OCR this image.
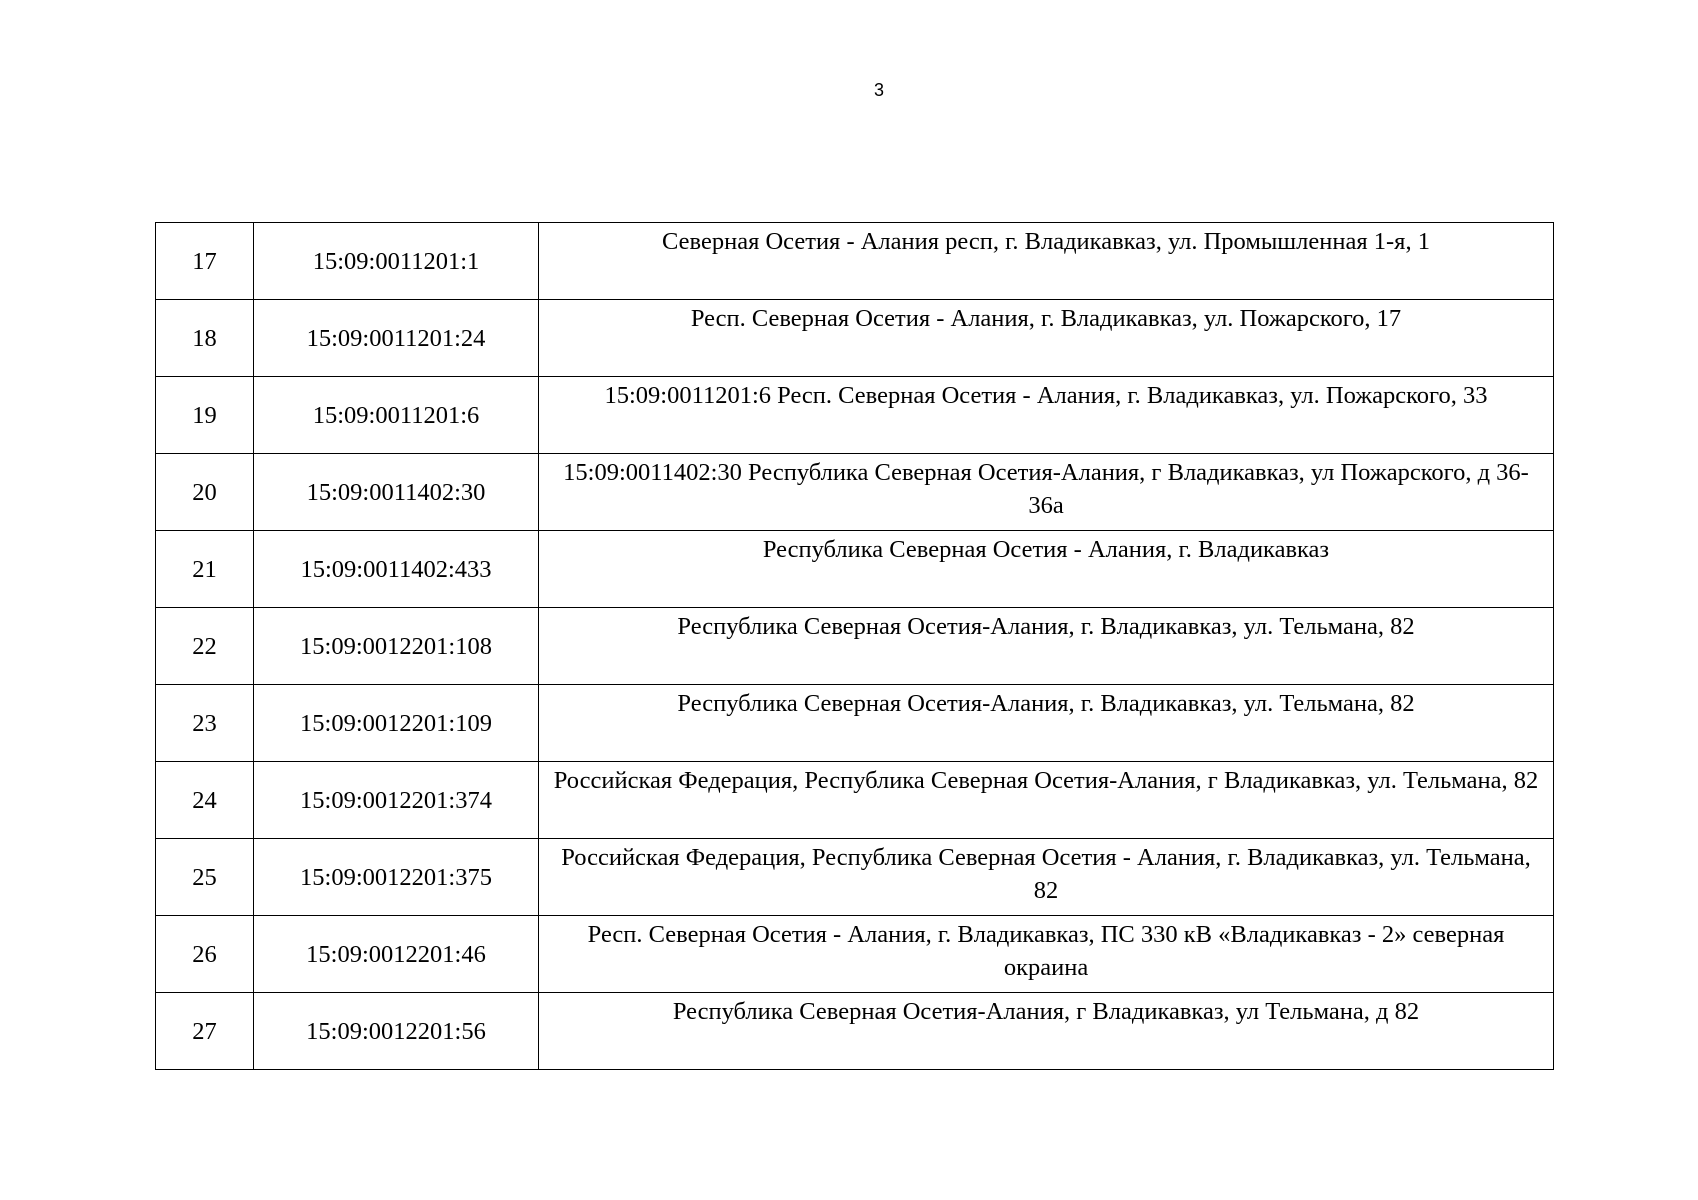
3
17	15:09:0011201:1	Северная Осетия - Алания респ, г. Владикавказ, ул. Промышленная 1-я, 1
18	15:09:0011201:24	Респ. Северная Осетия - Алания, г. Владикавказ, ул. Пожарского, 17
19	15:09:0011201:6	15:09:0011201:6 Респ. Северная Осетия - Алания, г. Владикавказ, ул. Пожарского, 33
20	15:09:0011402:30	15:09:0011402:30 Республика Северная Осетия-Алания, г Владикавказ, ул Пожарского, д 36-36а
21	15:09:0011402:433	Республика Северная Осетия - Алания, г. Владикавказ
22	15:09:0012201:108	Республика Северная Осетия-Алания, г. Владикавказ, ул. Тельмана, 82
23	15:09:0012201:109	Республика Северная Осетия-Алания, г. Владикавказ, ул. Тельмана, 82
24	15:09:0012201:374	Российская Федерация, Республика Северная Осетия-Алания, г Владикавказ, ул. Тельмана, 82
25	15:09:0012201:375	Российская Федерация, Республика Северная Осетия - Алания, г. Владикавказ, ул. Тельмана, 82
26	15:09:0012201:46	Респ. Северная Осетия - Алания, г. Владикавказ, ПС 330 кВ «Владикавказ - 2» северная окраина
27	15:09:0012201:56	Республика Северная Осетия-Алания, г Владикавказ, ул Тельмана, д 82
